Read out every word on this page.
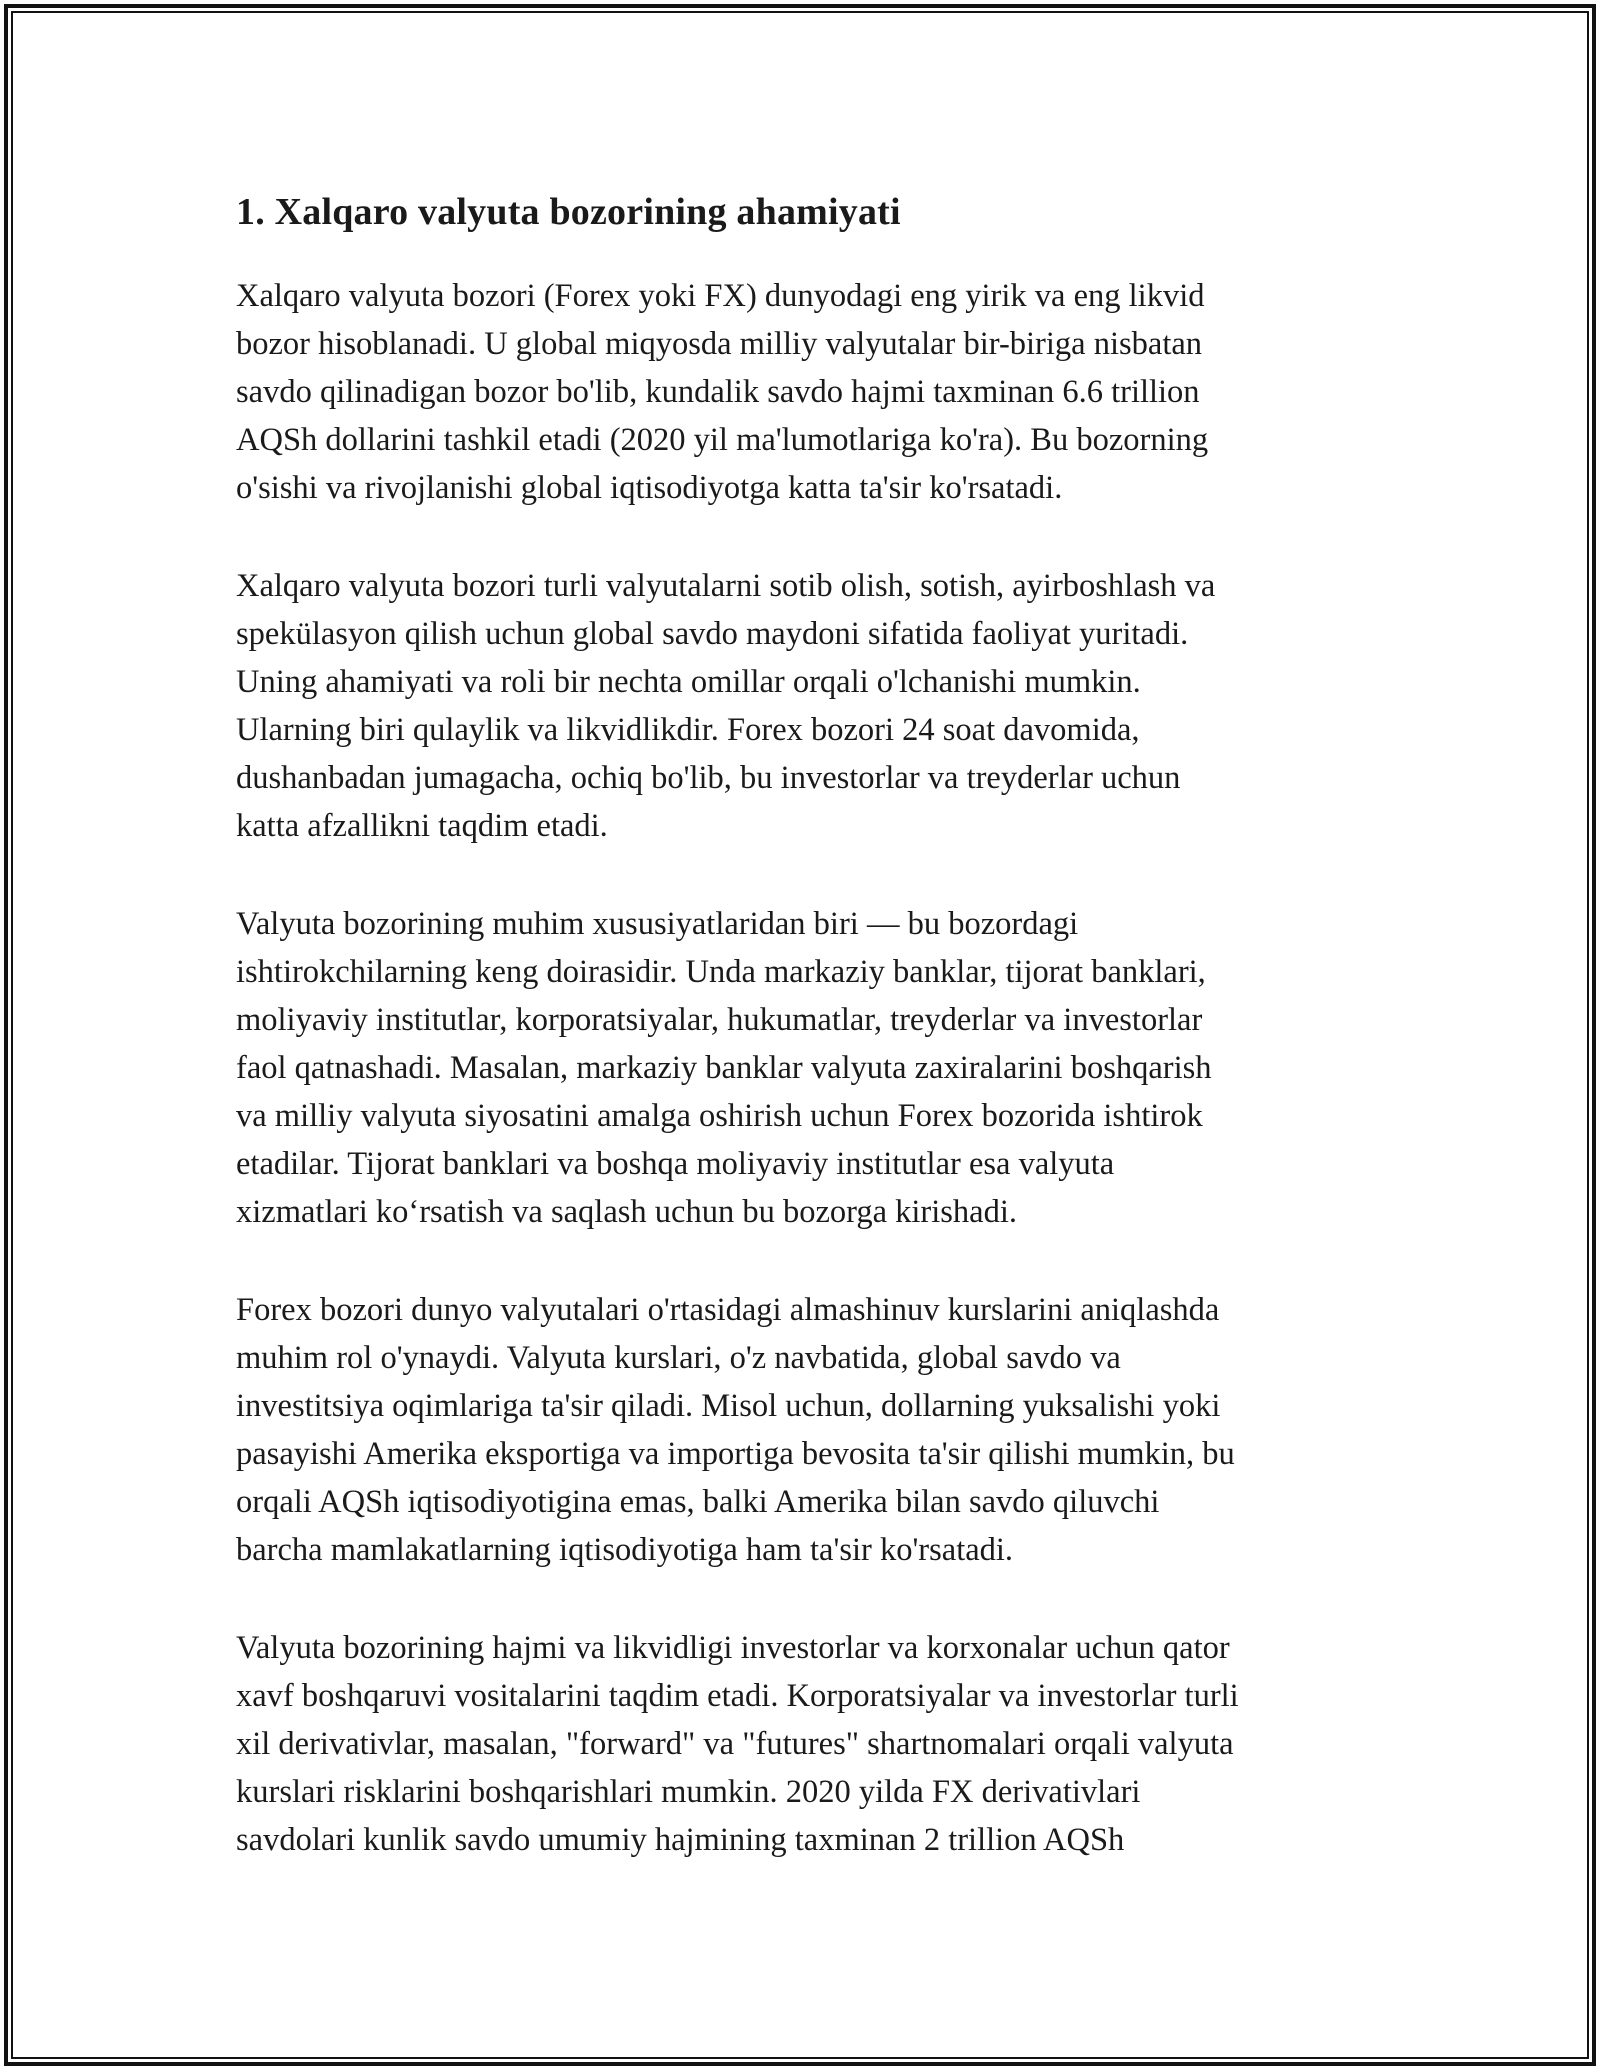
1. Xalqaro valyuta bozorining ahamiyati

Xalqaro valyuta bozori (Forex yoki FX) dunyodagi eng yirik va eng likvid
bozor hisoblanadi. U global miqyosda milliy valyutalar bir-biriga nisbatan
savdo qilinadigan bozor bo'lib, kundalik savdo hajmi taxminan 6.6 trillion
AQSh dollarini tashkil etadi (2020 yil ma'lumotlariga ko'ra). Bu bozorning
o'sishi va rivojlanishi global iqtisodiyotga katta ta'sir ko'rsatadi.

Xalqaro valyuta bozori turli valyutalarni sotib olish, sotish, ayirboshlash va
spekülasyon qilish uchun global savdo maydoni sifatida faoliyat yuritadi.
Uning ahamiyati va roli bir nechta omillar orqali o'lchanishi mumkin.
Ularning biri qulaylik va likvidlikdir. Forex bozori 24 soat davomida,
dushanbadan jumagacha, ochiq bo'lib, bu investorlar va treyderlar uchun
katta afzallikni taqdim etadi.

Valyuta bozorining muhim xususiyatlaridan biri — bu bozordagi
ishtirokchilarning keng doirasidir. Unda markaziy banklar, tijorat banklari,
moliyaviy institutlar, korporatsiyalar, hukumatlar, treyderlar va investorlar
faol qatnashadi. Masalan, markaziy banklar valyuta zaxiralarini boshqarish
va milliy valyuta siyosatini amalga oshirish uchun Forex bozorida ishtirok
etadilar. Tijorat banklari va boshqa moliyaviy institutlar esa valyuta
xizmatlari ko‘rsatish va saqlash uchun bu bozorga kirishadi.

Forex bozori dunyo valyutalari o'rtasidagi almashinuv kurslarini aniqlashda
muhim rol o'ynaydi. Valyuta kurslari, o'z navbatida, global savdo va
investitsiya oqimlariga ta'sir qiladi. Misol uchun, dollarning yuksalishi yoki
pasayishi Amerika eksportiga va importiga bevosita ta'sir qilishi mumkin, bu
orqali AQSh iqtisodiyotigina emas, balki Amerika bilan savdo qiluvchi
barcha mamlakatlarning iqtisodiyotiga ham ta'sir ko'rsatadi.

Valyuta bozorining hajmi va likvidligi investorlar va korxonalar uchun qator
xavf boshqaruvi vositalarini taqdim etadi. Korporatsiyalar va investorlar turli
xil derivativlar, masalan, "forward" va "futures" shartnomalari orqali valyuta
kurslari risklarini boshqarishlari mumkin. 2020 yilda FX derivativlari
savdolari kunlik savdo umumiy hajmining taxminan 2 trillion AQSh
